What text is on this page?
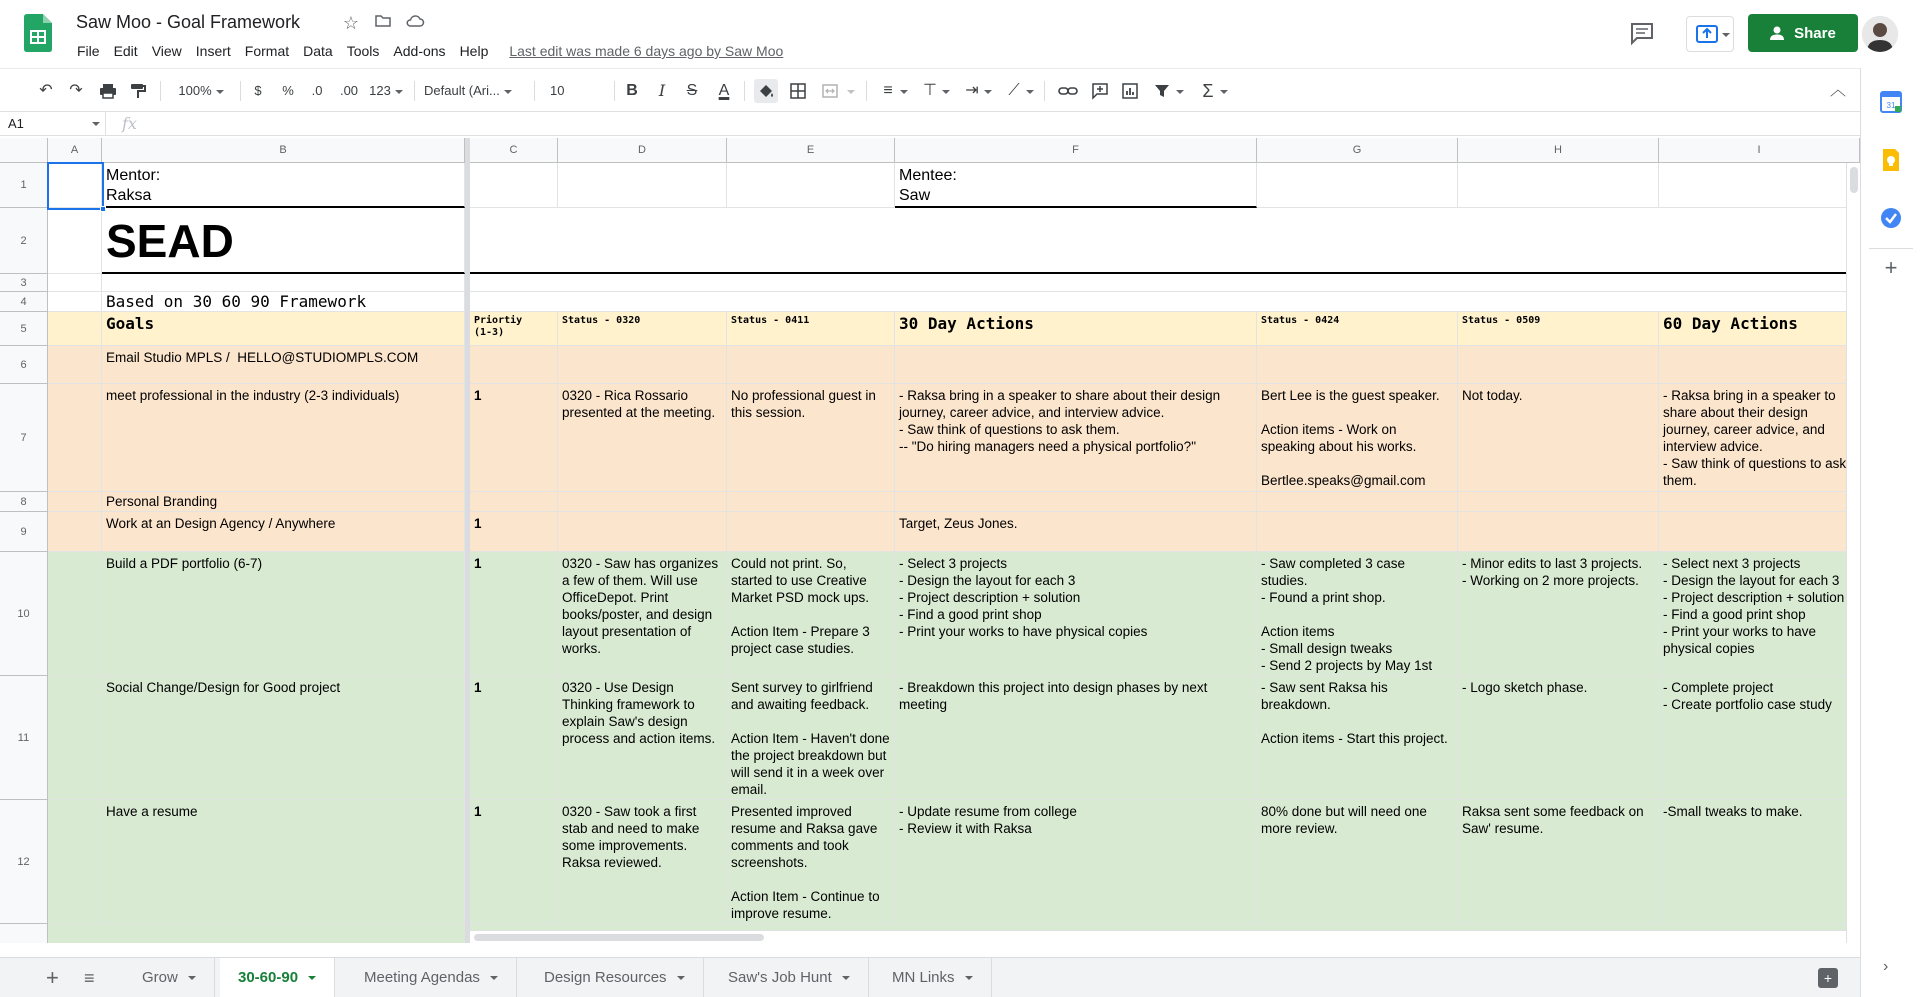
Saw Moo - Goal Framework ☆
File	Edit	View	Insert	Format	Data	Tools	Add-ons	Help	Last edit was made 6 days ago by Saw Moo
Share
↶	↷	100%	$	%	.0	.00 123	Default (Ari...	10	B	I	S	A	≡	⊤	⇥	⟋	Σ	︿
A1	fx
A	B	C	D	E	F	G	H	I
1
2
3
4
5
6
7
8
9
10
11
12
Mentor:
Raksa
Mentee:
Saw
SEAD
Based on 30 60 90 Framework
Goals	Priortiy
(1-3)
Status - 0320	Status - 0411	30 Day Actions	Status - 0424	Status - 0509	60 Day Actions
Email Studio MPLS /  HELLO@STUDIOMPLS.COM
meet professional in the industry (2-3 individuals)	1	0320 - Rica Rossario presented at the meeting.
No professional guest in this session.
- Raksa bring in a speaker to share about their design journey, career advice, and interview advice.
- Saw think of questions to ask them.
-- "Do hiring managers need a physical portfolio?"
Bert Lee is the guest speaker.

Action items - Work on speaking about his works.

Bertlee.speaks@gmail.com
Not today.	- Raksa bring in a speaker to share about their design journey, career advice, and interview advice.
- Saw think of questions to ask them.
Personal Branding
Work at an Design Agency / Anywhere	1	Target, Zeus Jones.
Build a PDF portfolio (6-7)	1	0320 - Saw has organizes a few of them. Will use OfficeDepot. Print books/poster, and design layout presentation of works.
Could not print. So, started to use Creative Market PSD mock ups.

Action Item - Prepare 3 project case studies.
- Select 3 projects
- Design the layout for each 3
- Project description + solution
- Find a good print shop
- Print your works to have physical copies
- Saw completed 3 case studies.
- Found a print shop.

Action items
- Small design tweaks
- Send 2 projects by May 1st
- Minor edits to last 3 projects.
- Working on 2 more projects.
- Select next 3 projects
- Design the layout for each 3
- Project description + solution
- Find a good print shop
- Print your works to have physical copies
Social Change/Design for Good project	1	0320 - Use Design Thinking framework to explain Saw's design process and action items.
Sent survey to girlfriend and awaiting feedback.

Action Item - Haven't done the project breakdown but will send it in a week over email.
- Breakdown this project into design phases by next meeting
- Saw sent Raksa his breakdown.

Action items - Start this project.
- Logo sketch phase.	- Complete project
- Create portfolio case study
Have a resume	1	0320 - Saw took a first stab and need to make some improvements. Raksa reviewed.
Presented improved resume and Raksa gave comments and took screenshots.

Action Item - Continue to improve resume.
- Update resume from college
- Review it with Raksa
80% done but will need one more review.
Raksa sent some feedback on Saw' resume.
-Small tweaks to make.
+ ≡	Grow	30-60-90	Meeting Agendas	Design Resources	Saw's Job Hunt	MN Links	+
31
+
›
